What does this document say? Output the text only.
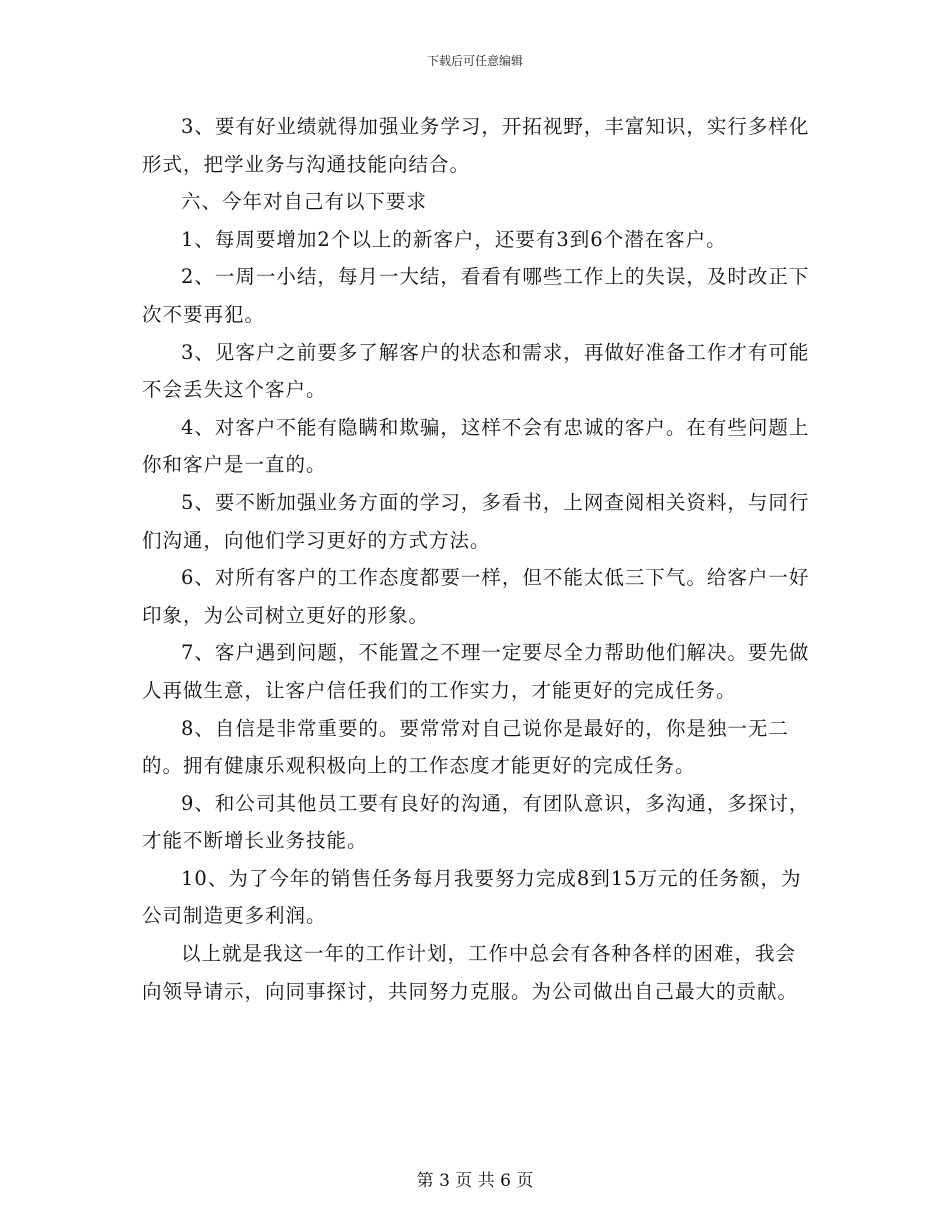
下载后可任意编辑

3、要有好业绩就得加强业务学习，开拓视野，丰富知识，实行多样化形式，把学业务与沟通技能向结合。

六、今年对自己有以下要求

1、每周要增加2个以上的新客户，还要有3到6个潜在客户。

2、一周一小结，每月一大结，看看有哪些工作上的失误，及时改正下次不要再犯。

3、见客户之前要多了解客户的状态和需求，再做好准备工作才有可能不会丢失这个客户。

4、对客户不能有隐瞒和欺骗，这样不会有忠诚的客户。在有些问题上你和客户是一直的。

5、要不断加强业务方面的学习，多看书，上网查阅相关资料，与同行们沟通，向他们学习更好的方式方法。

6、对所有客户的工作态度都要一样，但不能太低三下气。给客户一好印象，为公司树立更好的形象。

7、客户遇到问题，不能置之不理一定要尽全力帮助他们解决。要先做人再做生意，让客户信任我们的工作实力，才能更好的完成任务。

8、自信是非常重要的。要常常对自己说你是最好的，你是独一无二的。拥有健康乐观积极向上的工作态度才能更好的完成任务。

9、和公司其他员工要有良好的沟通，有团队意识，多沟通，多探讨，才能不断增长业务技能。

10、为了今年的销售任务每月我要努力完成8到15万元的任务额，为公司制造更多利润。

以上就是我这一年的工作计划，工作中总会有各种各样的困难，我会向领导请示，向同事探讨，共同努力克服。为公司做出自己最大的贡献。

第 3 页 共 6 页
